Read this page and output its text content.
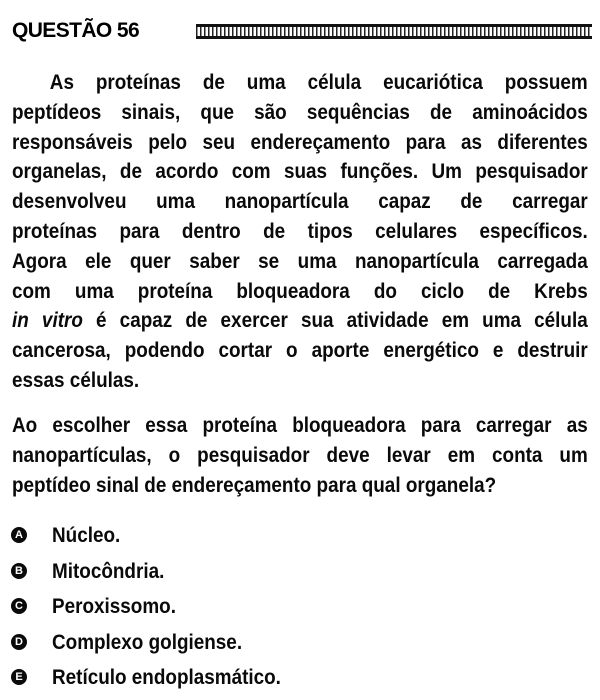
QUESTÃO 56
As proteínas de uma célula eucariótica possuem
peptídeos sinais, que são sequências de aminoácidos
responsáveis pelo seu endereçamento para as diferentes
organelas, de acordo com suas funções. Um pesquisador
desenvolveu uma nanopartícula capaz de carregar
proteínas para dentro de tipos celulares específicos.
Agora ele quer saber se uma nanopartícula carregada
com uma proteína bloqueadora do ciclo de Krebs
in vitro é capaz de exercer sua atividade em uma célula
cancerosa, podendo cortar o aporte energético e destruir
essas células.
Ao escolher essa proteína bloqueadora para carregar as
nanopartículas, o pesquisador deve levar em conta um
peptídeo sinal de endereçamento para qual organela?
A Núcleo.
B Mitocôndria.
C Peroxissomo.
D Complexo golgiense.
E Retículo endoplasmático.
